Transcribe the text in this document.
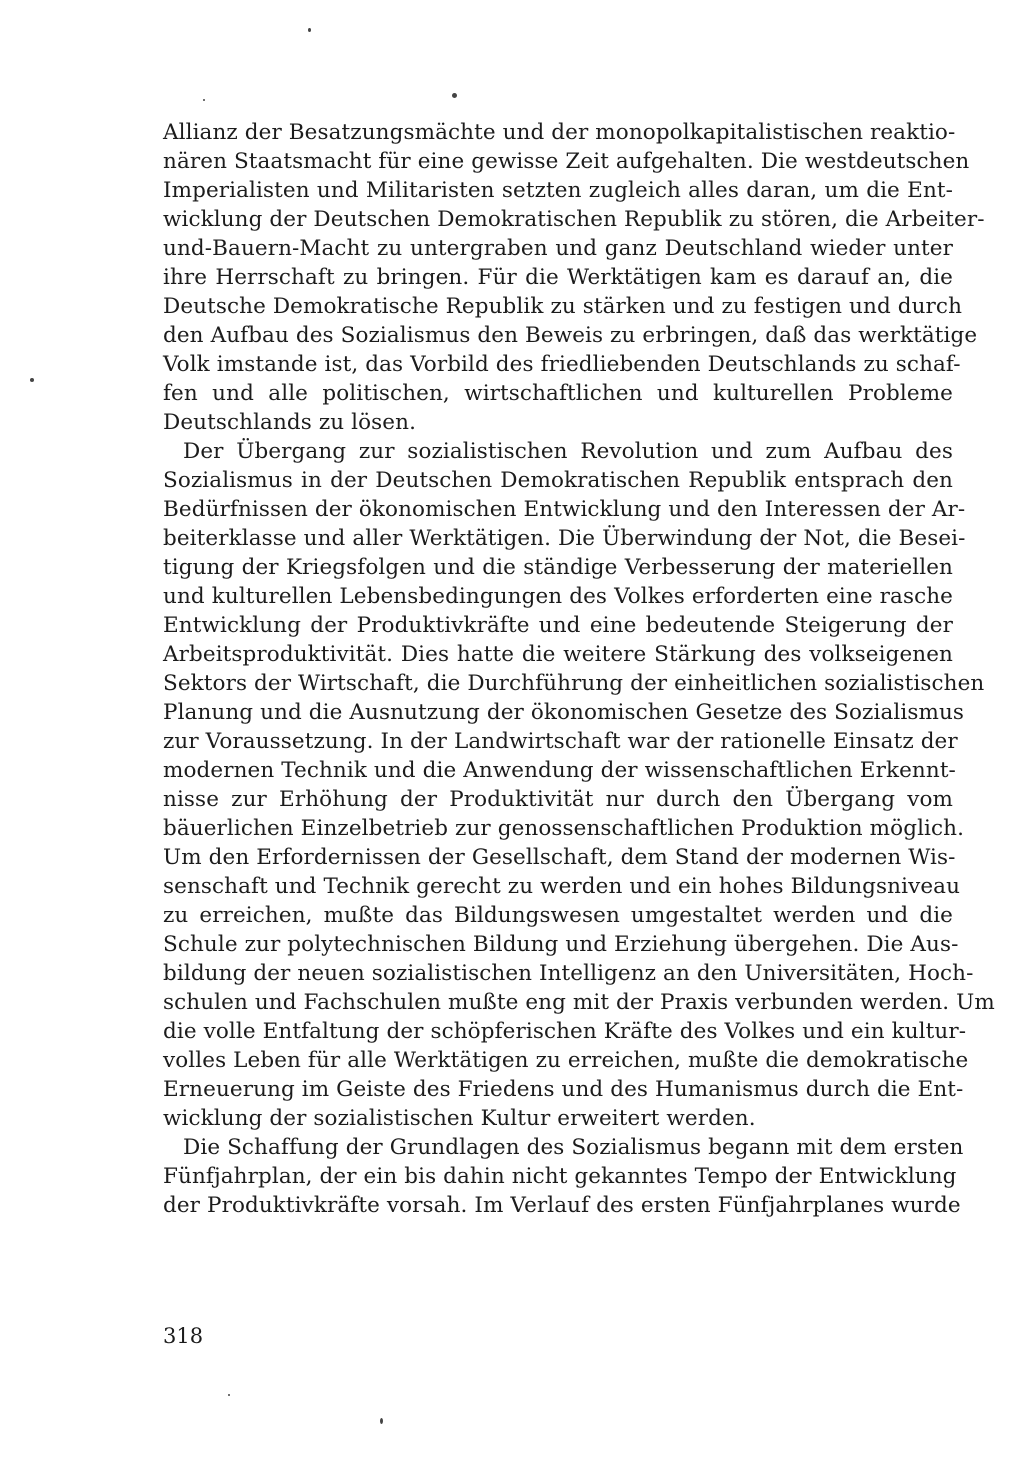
Allianz der Besatzungsmächte und der monopolkapitalistischen reaktio-
nären Staatsmacht für eine gewisse Zeit aufgehalten. Die westdeutschen
Imperialisten und Militaristen setzten zugleich alles daran, um die Ent-
wicklung der Deutschen Demokratischen Republik zu stören, die Arbeiter-
und-Bauern-Macht zu untergraben und ganz Deutschland wieder unter
ihre Herrschaft zu bringen. Für die Werktätigen kam es darauf an, die
Deutsche Demokratische Republik zu stärken und zu festigen und durch
den Aufbau des Sozialismus den Beweis zu erbringen, daß das werktätige
Volk imstande ist, das Vorbild des friedliebenden Deutschlands zu schaf-
fen und alle politischen, wirtschaftlichen und kulturellen Probleme
Deutschlands zu lösen.
Der Übergang zur sozialistischen Revolution und zum Aufbau des
Sozialismus in der Deutschen Demokratischen Republik entsprach den
Bedürfnissen der ökonomischen Entwicklung und den Interessen der Ar-
beiterklasse und aller Werktätigen. Die Überwindung der Not, die Besei-
tigung der Kriegsfolgen und die ständige Verbesserung der materiellen
und kulturellen Lebensbedingungen des Volkes erforderten eine rasche
Entwicklung der Produktivkräfte und eine bedeutende Steigerung der
Arbeitsproduktivität. Dies hatte die weitere Stärkung des volkseigenen
Sektors der Wirtschaft, die Durchführung der einheitlichen sozialistischen
Planung und die Ausnutzung der ökonomischen Gesetze des Sozialismus
zur Voraussetzung. In der Landwirtschaft war der rationelle Einsatz der
modernen Technik und die Anwendung der wissenschaftlichen Erkennt-
nisse zur Erhöhung der Produktivität nur durch den Übergang vom
bäuerlichen Einzelbetrieb zur genossenschaftlichen Produktion möglich.
Um den Erfordernissen der Gesellschaft, dem Stand der modernen Wis-
senschaft und Technik gerecht zu werden und ein hohes Bildungsniveau
zu erreichen, mußte das Bildungswesen umgestaltet werden und die
Schule zur polytechnischen Bildung und Erziehung übergehen. Die Aus-
bildung der neuen sozialistischen Intelligenz an den Universitäten, Hoch-
schulen und Fachschulen mußte eng mit der Praxis verbunden werden. Um
die volle Entfaltung der schöpferischen Kräfte des Volkes und ein kultur-
volles Leben für alle Werktätigen zu erreichen, mußte die demokratische
Erneuerung im Geiste des Friedens und des Humanismus durch die Ent-
wicklung der sozialistischen Kultur erweitert werden.
Die Schaffung der Grundlagen des Sozialismus begann mit dem ersten
Fünfjahrplan, der ein bis dahin nicht gekanntes Tempo der Entwicklung
der Produktivkräfte vorsah. Im Verlauf des ersten Fünfjahrplanes wurde
318
